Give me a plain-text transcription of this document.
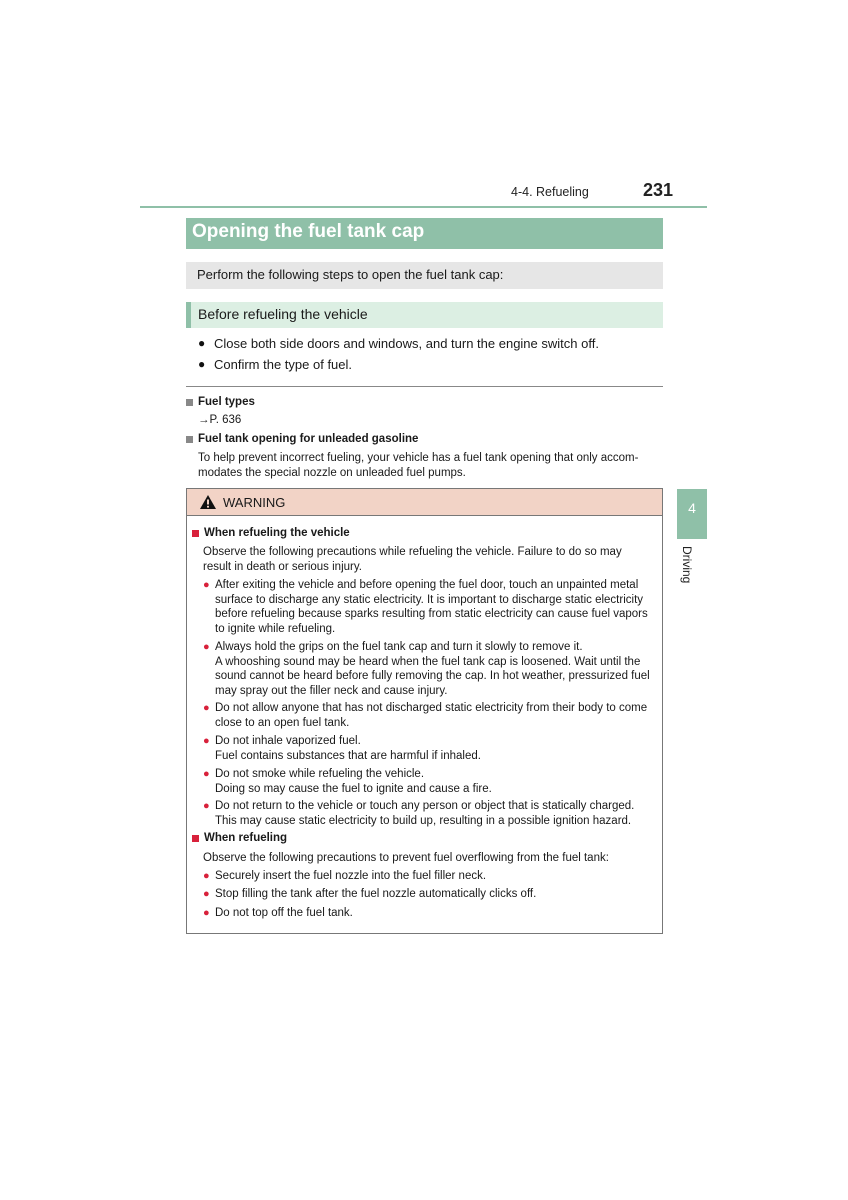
4-4. Refueling	231
Opening the fuel tank cap
Perform the following steps to open the fuel tank cap:
Before refueling the vehicle
● Close both side doors and windows, and turn the engine switch off.
● Confirm the type of fuel.
Fuel types
→P. 636
Fuel tank opening for unleaded gasoline
To help prevent incorrect fueling, your vehicle has a fuel tank opening that only accom-
modates the special nozzle on unleaded fuel pumps.
WARNING
When refueling the vehicle
Observe the following precautions while refueling the vehicle. Failure to do so may
result in death or serious injury.
● After exiting the vehicle and before opening the fuel door, touch an unpainted metal
surface to discharge any static electricity. It is important to discharge static electricity
before refueling because sparks resulting from static electricity can cause fuel vapors
to ignite while refueling.
● Always hold the grips on the fuel tank cap and turn it slowly to remove it.
A whooshing sound may be heard when the fuel tank cap is loosened. Wait until the
sound cannot be heard before fully removing the cap. In hot weather, pressurized fuel
may spray out the filler neck and cause injury.
● Do not allow anyone that has not discharged static electricity from their body to come
close to an open fuel tank.
● Do not inhale vaporized fuel.
Fuel contains substances that are harmful if inhaled.
● Do not smoke while refueling the vehicle.
Doing so may cause the fuel to ignite and cause a fire.
● Do not return to the vehicle or touch any person or object that is statically charged.
This may cause static electricity to build up, resulting in a possible ignition hazard.
When refueling
Observe the following precautions to prevent fuel overflowing from the fuel tank:
● Securely insert the fuel nozzle into the fuel filler neck.
● Stop filling the tank after the fuel nozzle automatically clicks off.
● Do not top off the fuel tank.
4
Driving
